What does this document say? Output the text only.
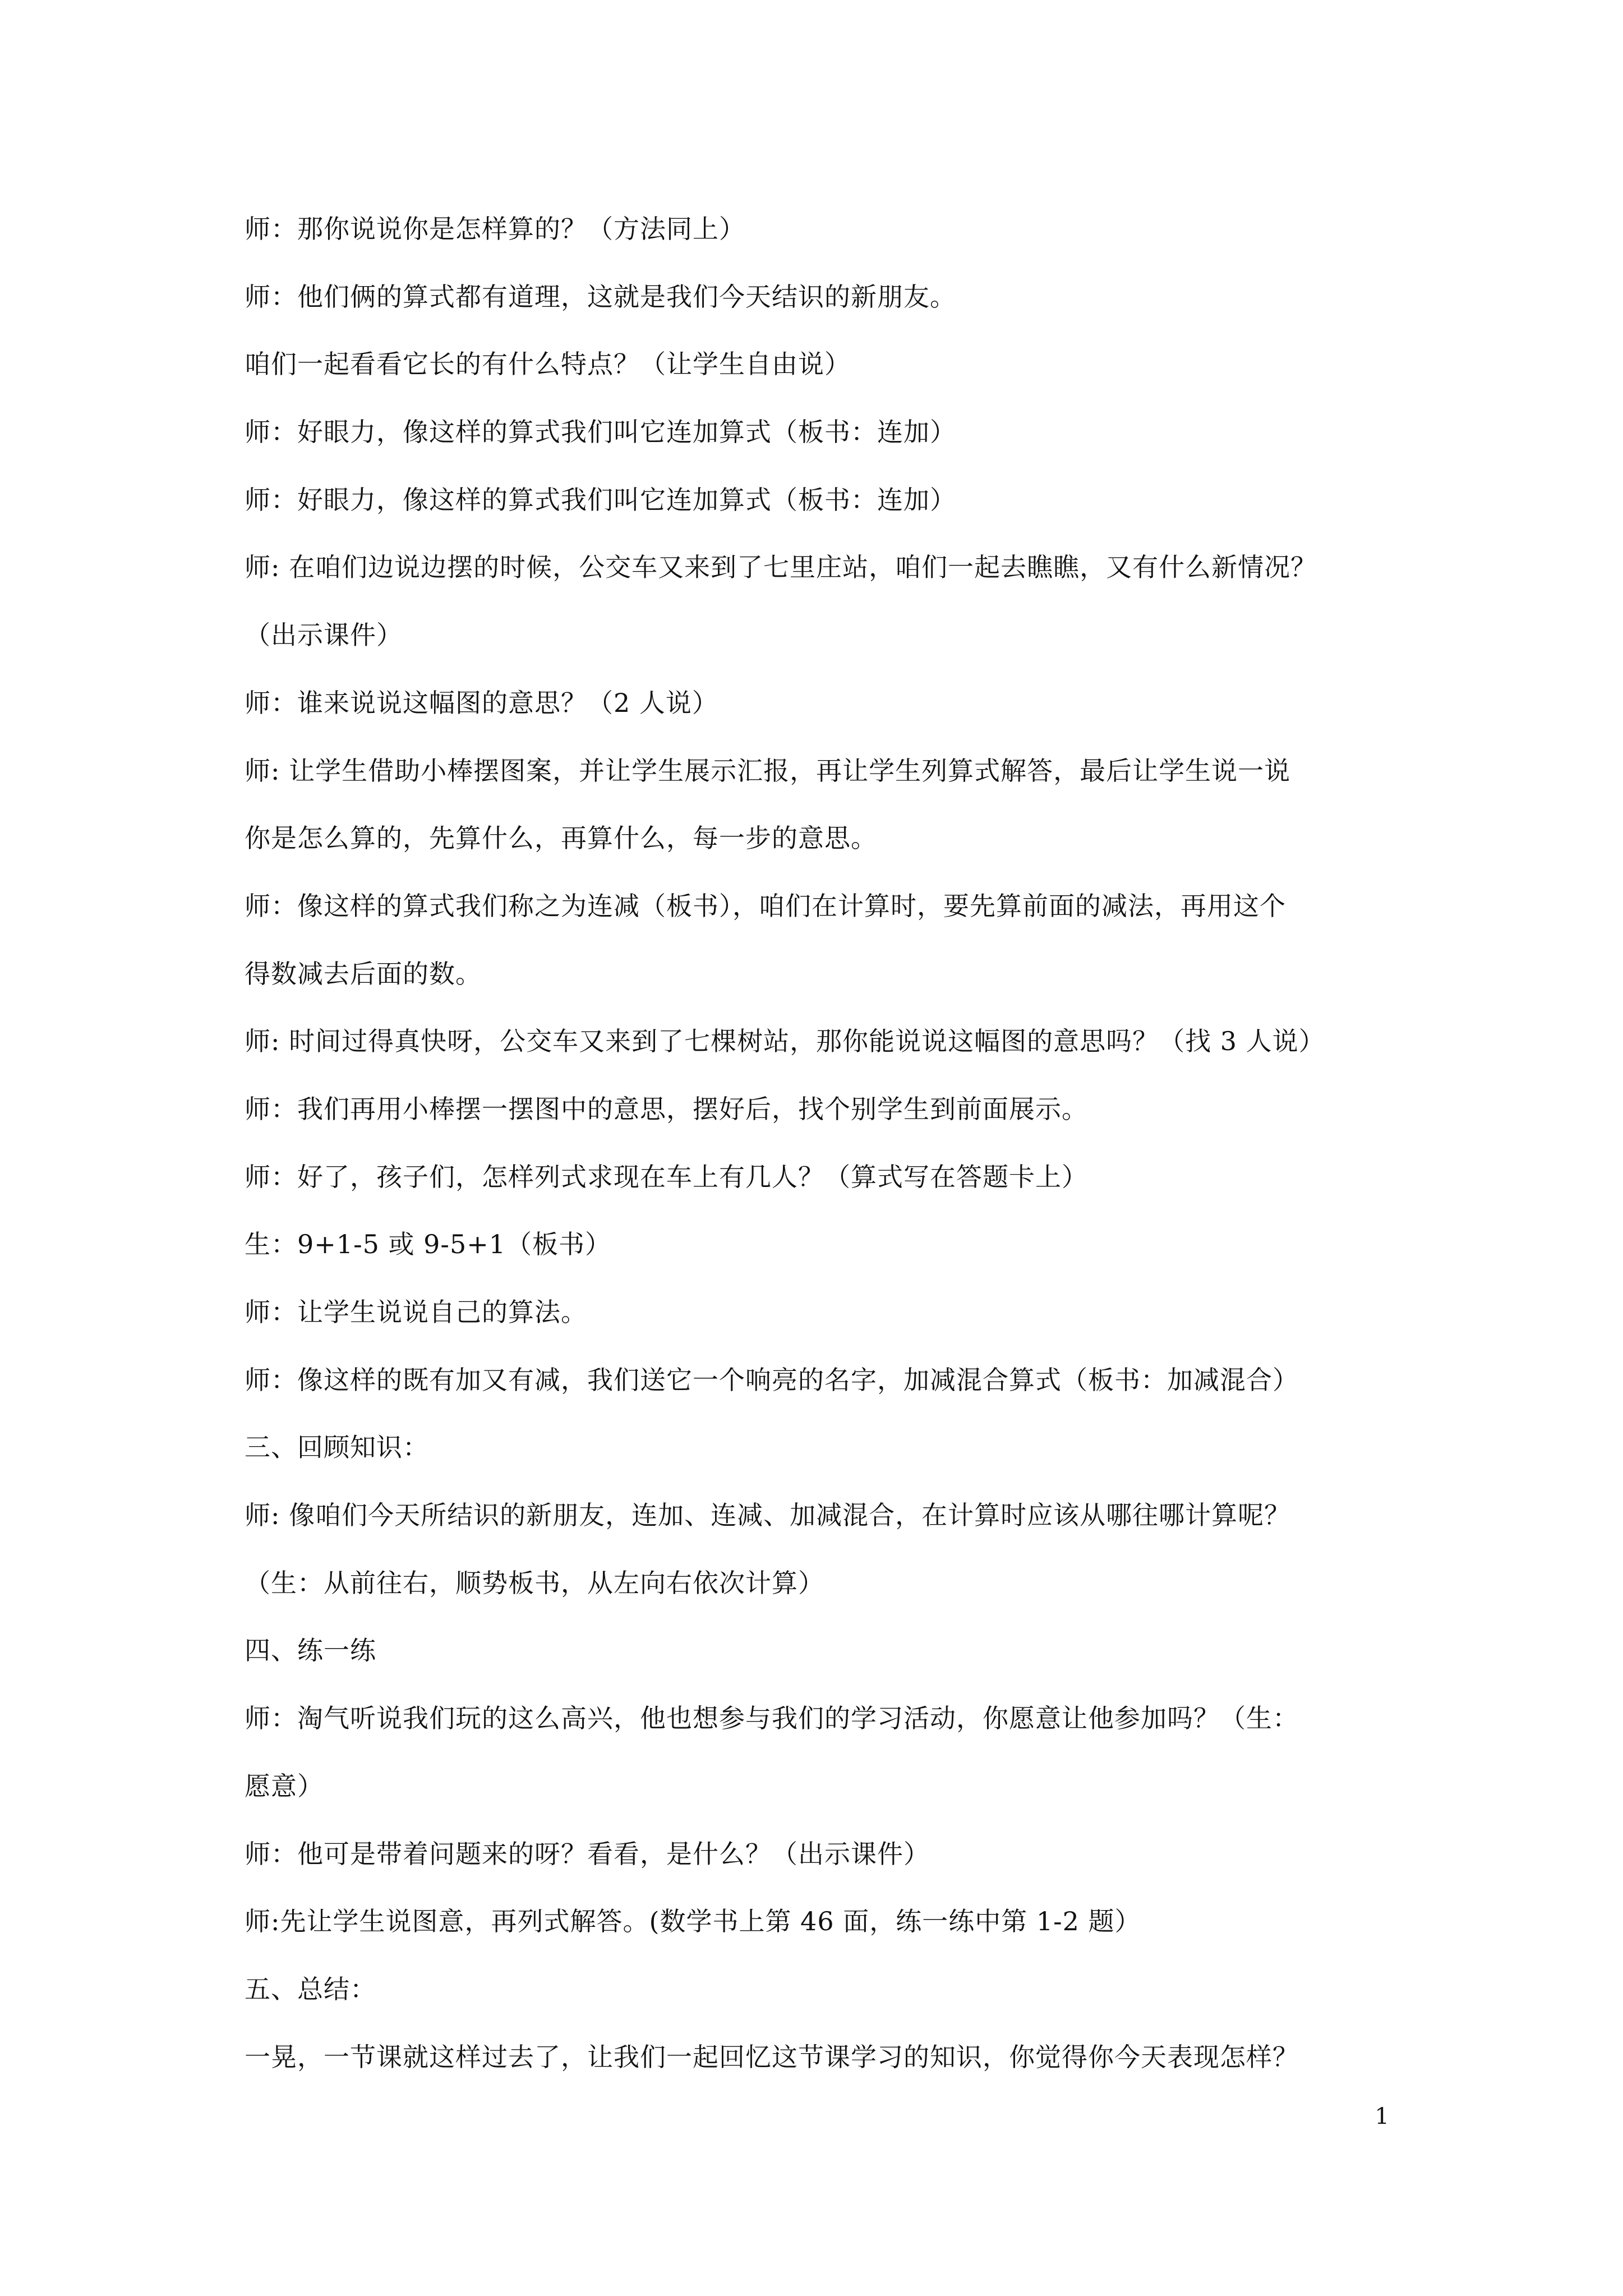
师：那你说说你是怎样算的？（方法同上）

师：他们俩的算式都有道理，这就是我们今天结识的新朋友。

咱们一起看看它长的有什么特点？（让学生自由说）

师：好眼力，像这样的算式我们叫它连加算式（板书：连加）

师：好眼力，像这样的算式我们叫它连加算式（板书：连加）

师: 在咱们边说边摆的时候，公交车又来到了七里庄站，咱们一起去瞧瞧，又有什么新情况？

（出示课件）

师：谁来说说这幅图的意思？（2 人说）

师: 让学生借助小棒摆图案，并让学生展示汇报，再让学生列算式解答，最后让学生说一说

你是怎么算的，先算什么，再算什么，每一步的意思。

师：像这样的算式我们称之为连减（板书），咱们在计算时，要先算前面的减法，再用这个

得数减去后面的数。

师: 时间过得真快呀，公交车又来到了七棵树站，那你能说说这幅图的意思吗？（找 3 人说）

师：我们再用小棒摆一摆图中的意思，摆好后，找个别学生到前面展示。

师：好了，孩子们，怎样列式求现在车上有几人？（算式写在答题卡上）

生：9+1-5 或 9-5+1（板书）

师：让学生说说自己的算法。

师：像这样的既有加又有减，我们送它一个响亮的名字，加减混合算式（板书：加减混合）

三、回顾知识：

师: 像咱们今天所结识的新朋友，连加、连减、加减混合，在计算时应该从哪往哪计算呢？

（生：从前往右，顺势板书，从左向右依次计算）

四、练一练

师：淘气听说我们玩的这么高兴，他也想参与我们的学习活动，你愿意让他参加吗？（生：

愿意）

师：他可是带着问题来的呀？看看，是什么？（出示课件）

师:先让学生说图意，再列式解答。(数学书上第 46 面，练一练中第 1-2 题）

五、总结：

一晃，一节课就这样过去了，让我们一起回忆这节课学习的知识，你觉得你今天表现怎样？

1
